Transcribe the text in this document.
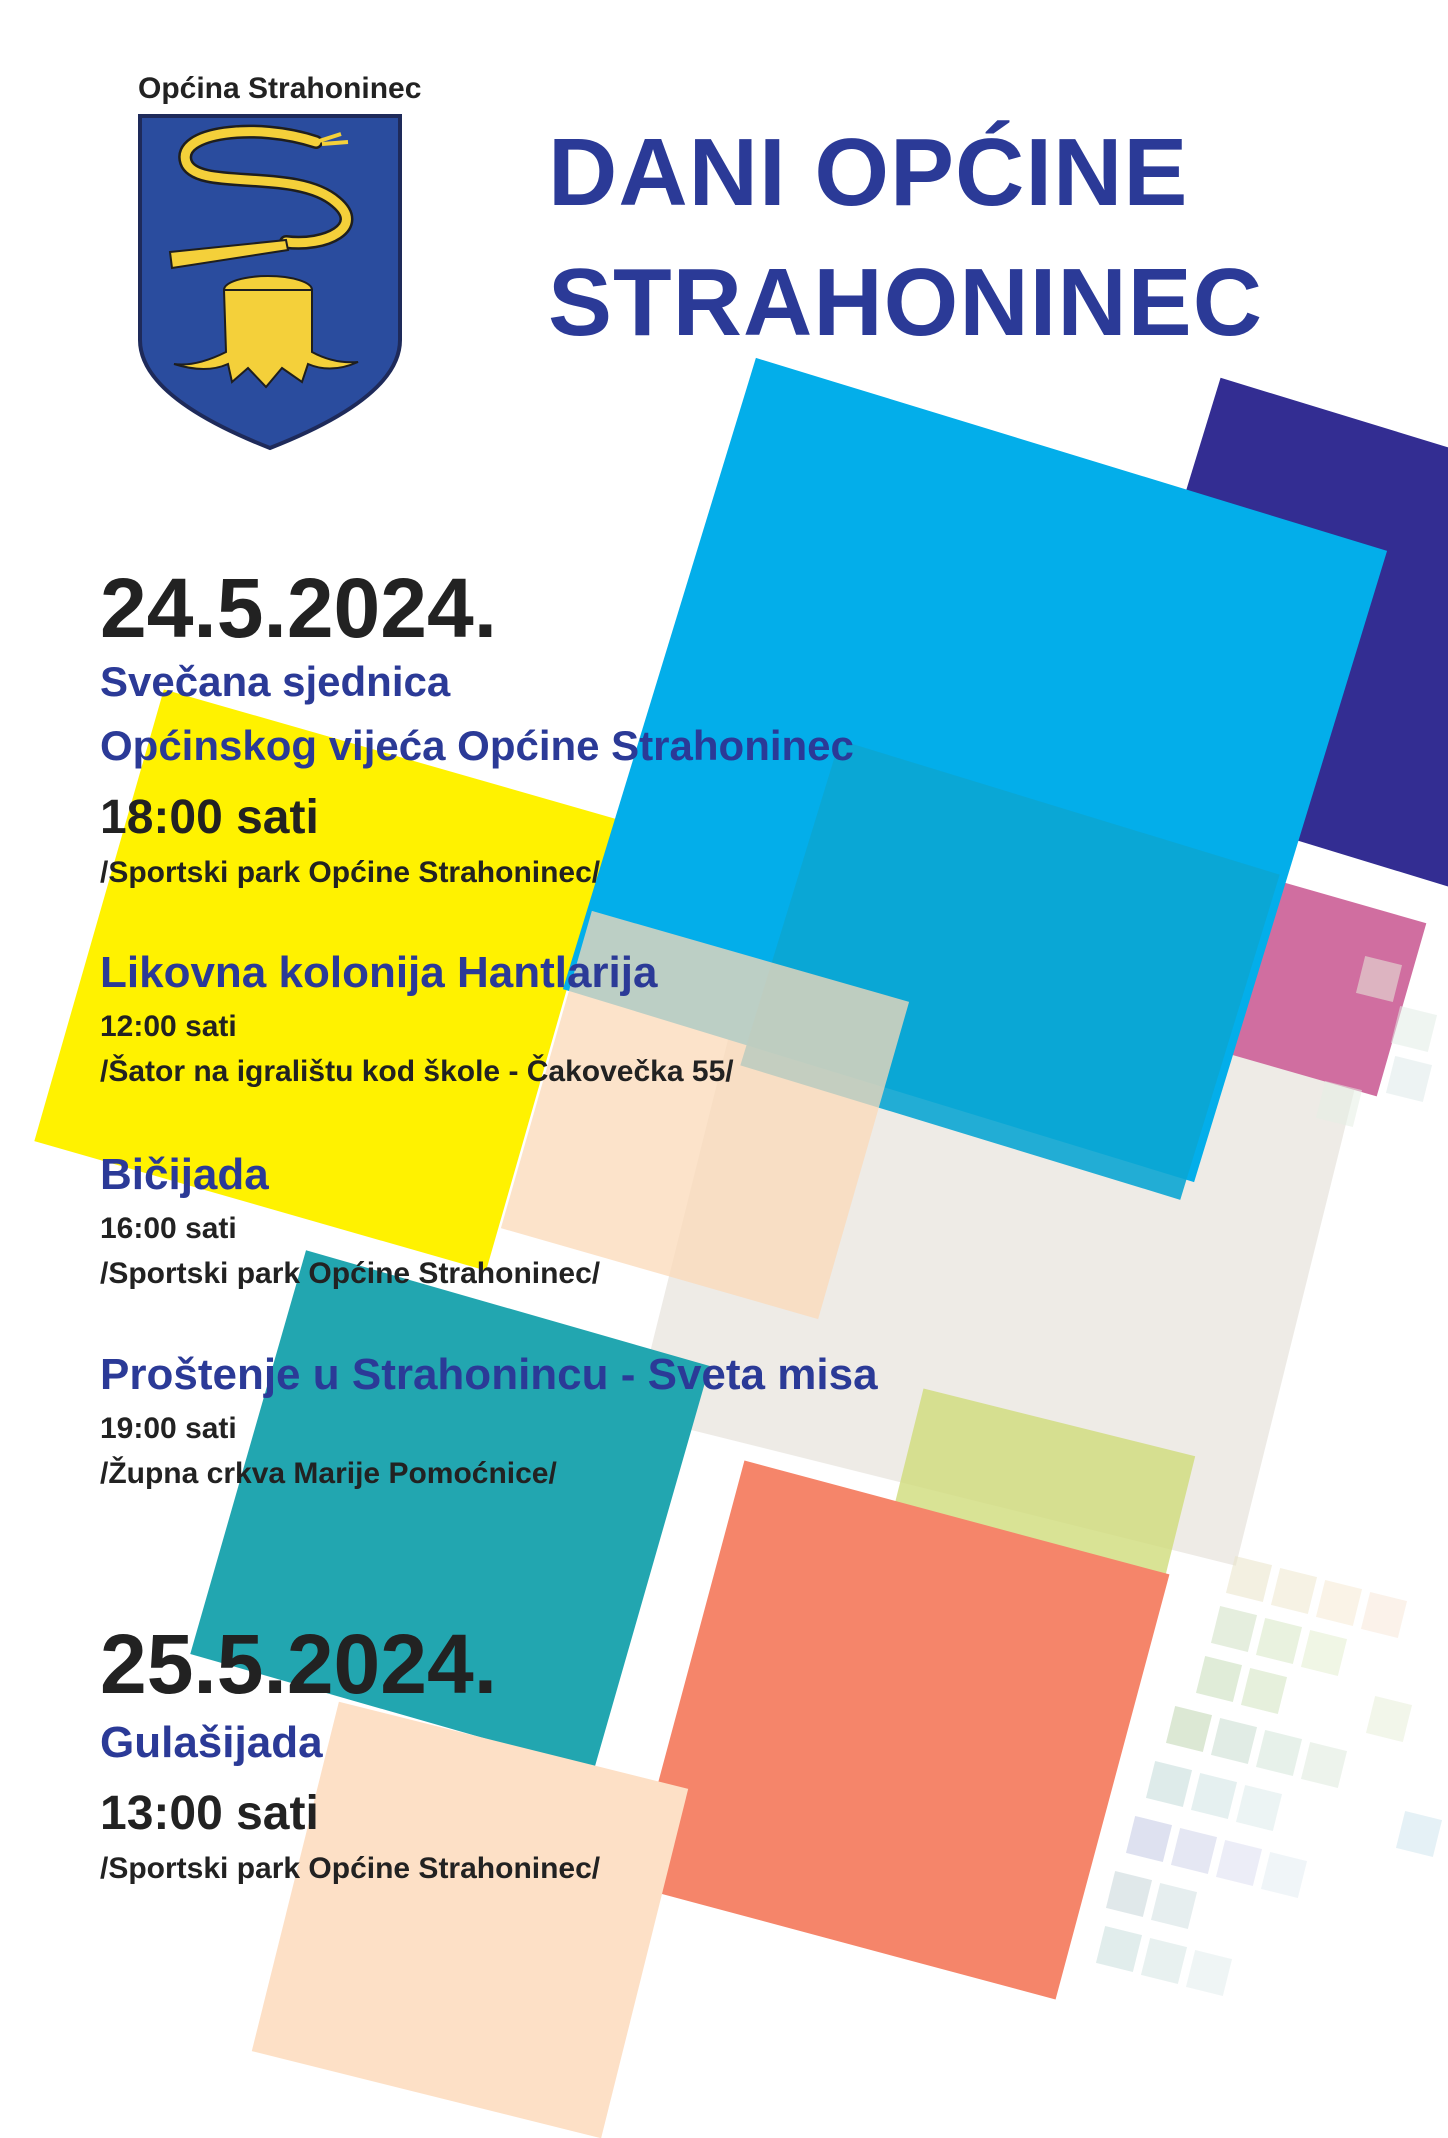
Općina Strahoninec
DANI OPĆINE
STRAHONINEC
24.5.2024.
Svečana sjednica
Općinskog vijeća Općine Strahoninec
18:00 sati
/Sportski park Općine Strahoninec/
Likovna kolonija Hantlarija
12:00 sati
/Šator na igralištu kod škole - Čakovečka 55/
Bičijada
16:00 sati
/Sportski park Općine Strahoninec/
Proštenje u Strahonincu - Sveta misa
19:00 sati
/Župna crkva Marije Pomoćnice/
25.5.2024.
Gulašijada
13:00 sati
/Sportski park Općine Strahoninec/
